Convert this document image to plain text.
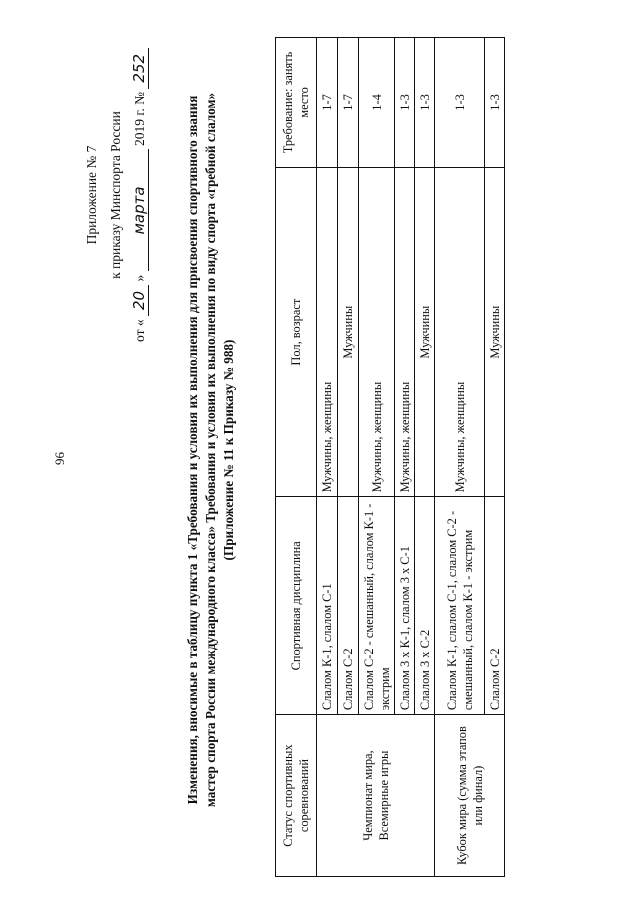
96
Приложение № 7 к приказу Минспорта России
от « 20 » марта 2019 г. № 252
Изменения, вносимые в таблицу пункта 1 «Требования и условия их выполнения для присвоения спортивного звания мастер спорта России международного класса» Требования и условия их выполнения по виду спорта «гребной слалом» (Приложение № 11 к Приказу № 988)
Статус спортивных соревнований	Спортивная дисциплина	Пол, возраст	Требование: занять место
Чемпионат мира, Всемирные игры	Слалом К-1, слалом С-1	Мужчины, женщины	1-7
	Слалом С-2	Мужчины	1-7
	Слалом С-2 - смешанный, слалом К-1 - экстрим	Мужчины, женщины	1-4
	Слалом 3 х К-1, слалом 3 х С-1	Мужчины, женщины	1-3
	Слалом 3 х С-2	Мужчины	1-3
Кубок мира (сумма этапов или финал)	Слалом К-1, слалом С-1, слалом С-2 - смешанный, слалом К-1 - экстрим	Мужчины, женщины	1-3
	Слалом С-2	Мужчины	1-3
